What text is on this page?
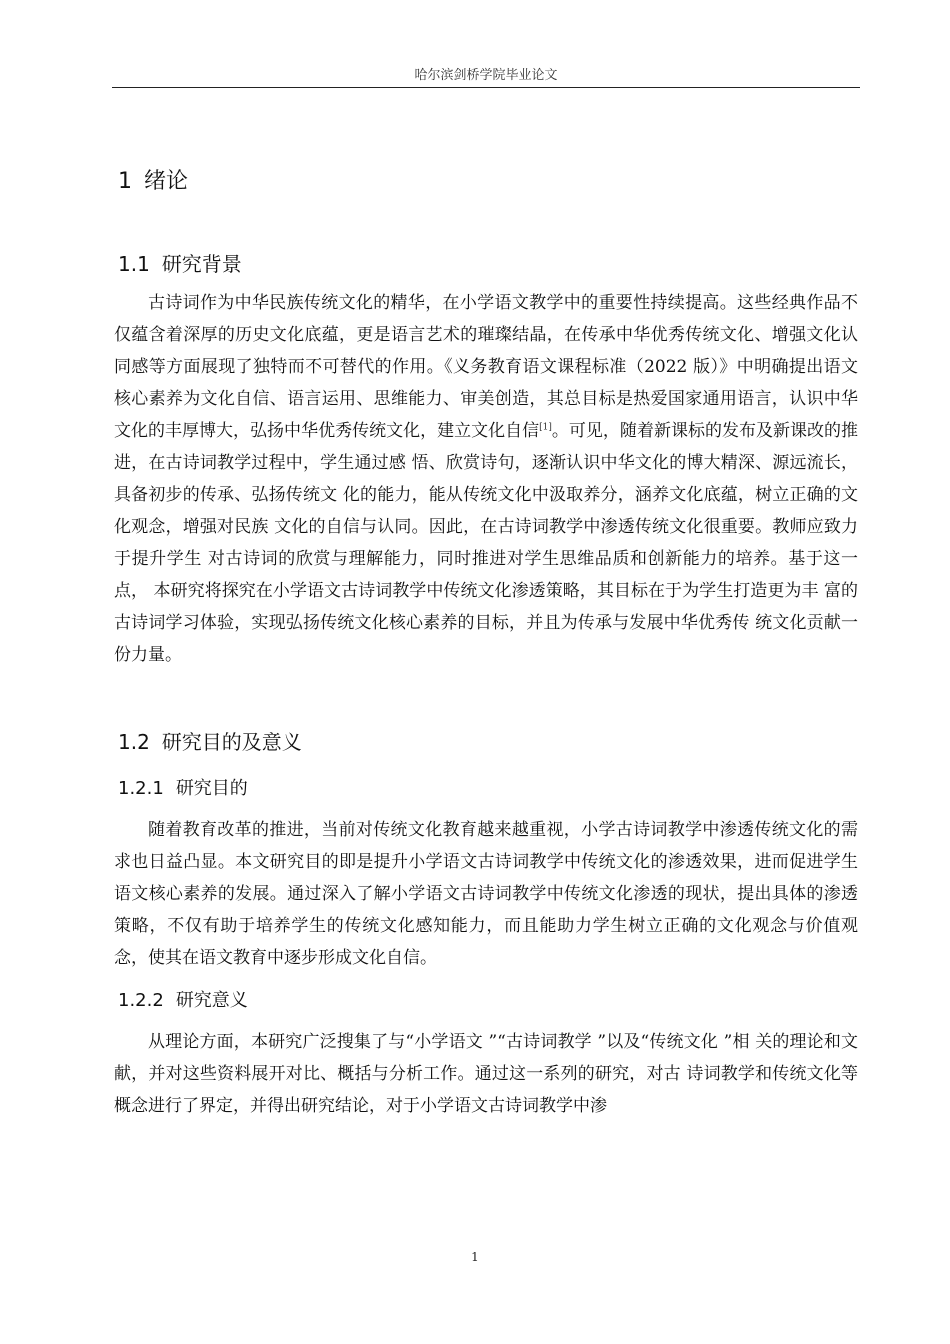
哈尔滨剑桥学院毕业论文
1 绪论
1.1 研究背景

古诗词作为中华民族传统文化的精华，在小学语文教学中的重要性持续提高。这些经典作品不仅蕴含着深厚的历史文化底蕴，更是语言艺术的璀璨结晶，在传承中华优秀传统文化、增强文化认同感等方面展现了独特而不可替代的作用。《义务教育语文课程标准（2022 版）》中明确提出语文核心素养为文化自信、语言运用、思维能力、审美创造，其总目标是热爱国家通用语言，认识中华文化的丰厚博大，弘扬中华优秀传统文化，建立文化自信[1]。可见，随着新课标的发布及新课改的推进，在古诗词教学过程中，学生通过感 悟、欣赏诗句，逐渐认识中华文化的博大精深、源远流长，具备初步的传承、弘扬传统文 化的能力，能从传统文化中汲取养分，涵养文化底蕴，树立正确的文化观念，增强对民族 文化的自信与认同。因此，在古诗词教学中渗透传统文化很重要。教师应致力于提升学生 对古诗词的欣赏与理解能力，同时推进对学生思维品质和创新能力的培养。基于这一点， 本研究将探究在小学语文古诗词教学中传统文化渗透策略，其目标在于为学生打造更为丰 富的古诗词学习体验，实现弘扬传统文化核心素养的目标，并且为传承与发展中华优秀传 统文化贡献一份力量。

1.2 研究目的及意义
1.2.1 研究目的

随着教育改革的推进，当前对传统文化教育越来越重视，小学古诗词教学中渗透传统文化的需求也日益凸显。本文研究目的即是提升小学语文古诗词教学中传统文化的渗透效果，进而促进学生语文核心素养的发展。通过深入了解小学语文古诗词教学中传统文化渗透的现状，提出具体的渗透策略，不仅有助于培养学生的传统文化感知能力，而且能助力学生树立正确的文化观念与价值观念，使其在语文教育中逐步形成文化自信。

1.2.2 研究意义

从理论方面，本研究广泛搜集了与“小学语文 ”“古诗词教学 ”以及“传统文化 ”相 关的理论和文献，并对这些资料展开对比、概括与分析工作。通过这一系列的研究，对古 诗词教学和传统文化等概念进行了界定，并得出研究结论，对于小学语文古诗词教学中渗

1
